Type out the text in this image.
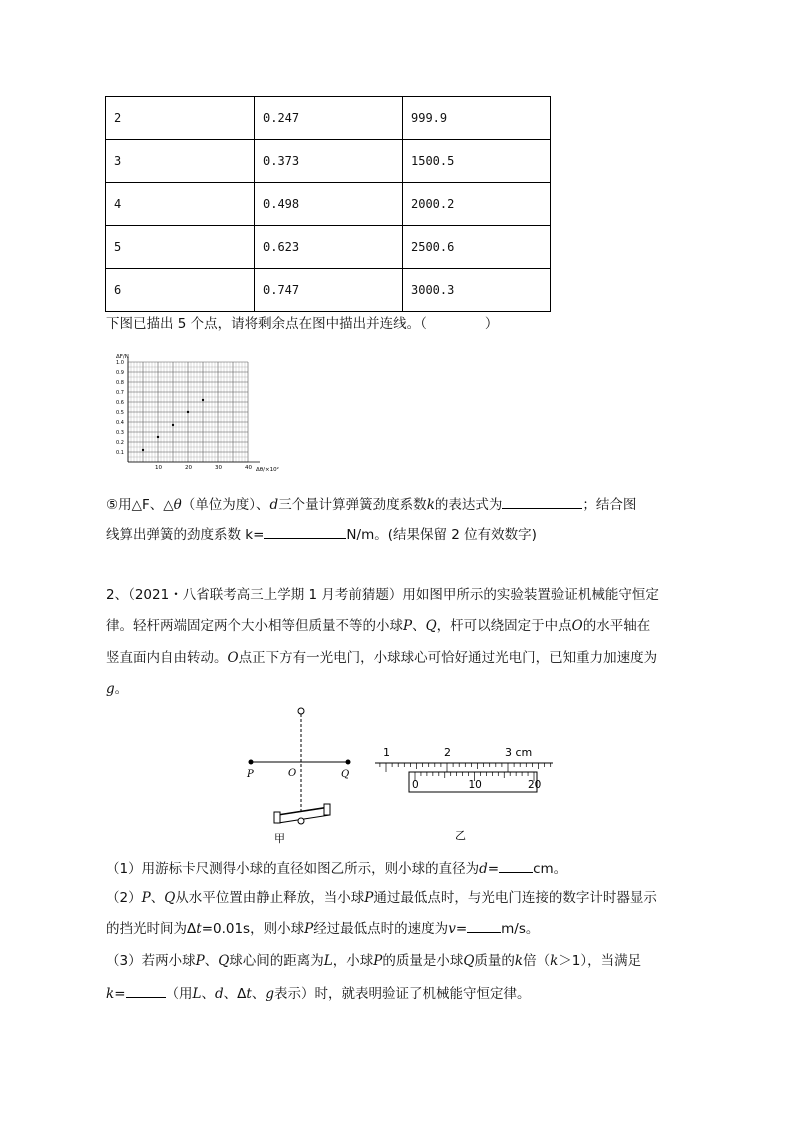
2	0.247	999.9
3	0.373	1500.5
4	0.498	2000.2
5	0.623	2500.6
6	0.747	3000.3
下图已描出 5 个点，请将剩余点在图中描出并连线。（	）
10	20	30	40
0.1
0.2
0.3
0.4
0.5
0.6
0.7
0.8
0.9
1.0
ΔF/N
Δθ/×10²
⑤用△F、△θ（单位为度）、d三个量计算弹簧劲度系数k的表达式为	；结合图
线算出弹簧的劲度系数 k=	N/m。(结果保留 2 位有效数字)
2、（2021・八省联考高三上学期 1 月考前猜题）用如图甲所示的实验装置验证机械能守恒定
律。轻杆两端固定两个大小相等但质量不等的小球P、Q，杆可以绕固定于中点O的水平轴在
竖直面内自由转动。O点正下方有一光电门，小球球心可恰好通过光电门，已知重力加速度为
g。
P	O	Q
甲
1	2	3 cm
0	10	20
乙
（1）用游标卡尺测得小球的直径如图乙所示，则小球的直径为d=	cm。
（2）P、Q从水平位置由静止释放，当小球P通过最低点时，与光电门连接的数字计时器显示
的挡光时间为Δt=0.01s，则小球P经过最低点时的速度为v=	m/s。
（3）若两小球P、Q球心间的距离为L，小球P的质量是小球Q质量的k倍（k＞1），当满足
k=	（用L、d、Δt、g表示）时，就表明验证了机械能守恒定律。
